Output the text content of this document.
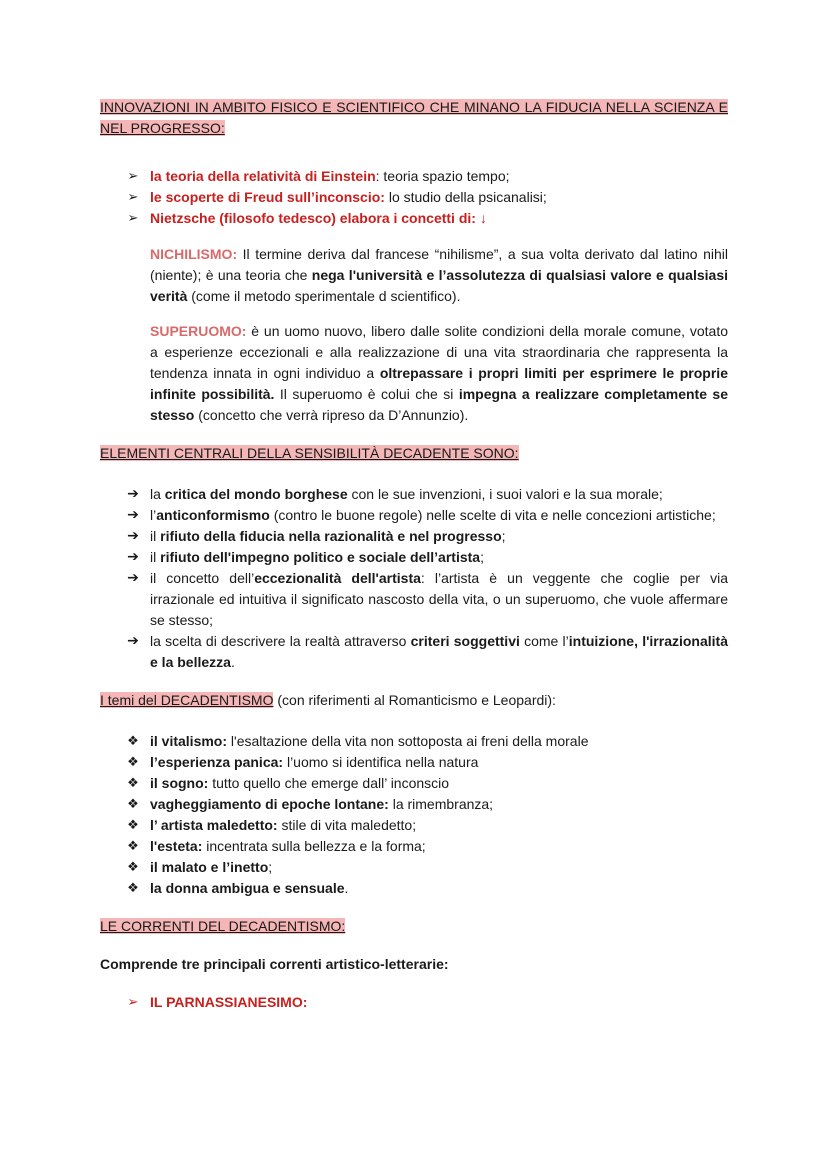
INNOVAZIONI IN AMBITO FISICO E SCIENTIFICO CHE MINANO LA FIDUCIA NELLA SCIENZA E NEL PROGRESSO:

➢ la teoria della relatività di Einstein: teoria spazio tempo;
➢ le scoperte di Freud sull’inconscio: lo studio della psicanalisi;
➢ Nietzsche (filosofo tedesco) elabora i concetti di: ↓

NICHILISMO: Il termine deriva dal francese “nihilisme”, a sua volta derivato dal latino nihil (niente); è una teoria che nega l'università e l’assolutezza di qualsiasi valore e qualsiasi verità (come il metodo sperimentale d scientifico).

SUPERUOMO: è un uomo nuovo, libero dalle solite condizioni della morale comune, votato a esperienze eccezionali e alla realizzazione di una vita straordinaria che rappresenta la tendenza innata in ogni individuo a oltrepassare i propri limiti per esprimere le proprie infinite possibilità. Il superuomo è colui che si impegna a realizzare completamente se stesso (concetto che verrà ripreso da D’Annunzio).

ELEMENTI CENTRALI DELLA SENSIBILITÀ DECADENTE SONO:

➔ la critica del mondo borghese con le sue invenzioni, i suoi valori e la sua morale;
➔ l’anticonformismo (contro le buone regole) nelle scelte di vita e nelle concezioni artistiche;
➔ il rifiuto della fiducia nella razionalità e nel progresso;
➔ il rifiuto dell'impegno politico e sociale dell’artista;
➔ il concetto dell’eccezionalità dell'artista: l’artista è un veggente che coglie per via irrazionale ed intuitiva il significato nascosto della vita, o un superuomo, che vuole affermare se stesso;
➔ la scelta di descrivere la realtà attraverso criteri soggettivi come l’intuizione, l'irrazionalità e la bellezza.

I temi del DECADENTISMO (con riferimenti al Romanticismo e Leopardi):

❖ il vitalismo: l'esaltazione della vita non sottoposta ai freni della morale
❖ l’esperienza panica: l’uomo si identifica nella natura
❖ il sogno: tutto quello che emerge dall’ inconscio
❖ vagheggiamento di epoche lontane: la rimembranza;
❖ l’ artista maledetto: stile di vita maledetto;
❖ l'esteta: incentrata sulla bellezza e la forma;
❖ il malato e l’inetto;
❖ la donna ambigua e sensuale.

LE CORRENTI DEL DECADENTISMO:

Comprende tre principali correnti artistico-letterarie:

➢ IL PARNASSIANESIMO:
